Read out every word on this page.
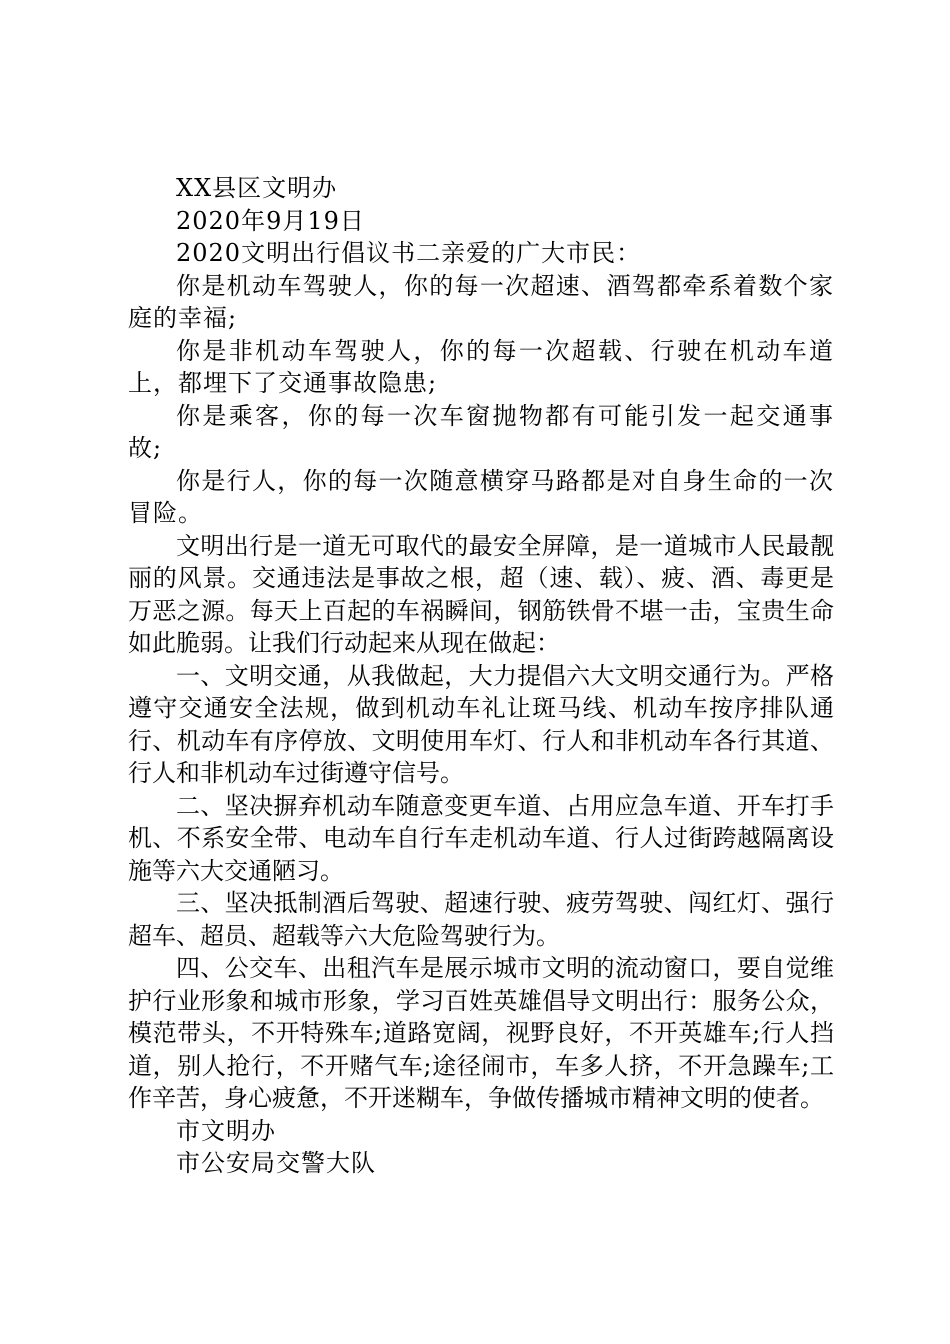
XX县区文明办

2020年9月19日

2020文明出行倡议书二亲爱的广大市民：

你是机动车驾驶人，你的每一次超速、酒驾都牵系着数个家庭的幸福;

你是非机动车驾驶人，你的每一次超载、行驶在机动车道上，都埋下了交通事故隐患;

你是乘客，你的每一次车窗抛物都有可能引发一起交通事故;

你是行人，你的每一次随意横穿马路都是对自身生命的一次冒险。

文明出行是一道无可取代的最安全屏障，是一道城市人民最靓丽的风景。交通违法是事故之根，超（速、载）、疲、酒、毒更是万恶之源。每天上百起的车祸瞬间，钢筋铁骨不堪一击，宝贵生命如此脆弱。让我们行动起来从现在做起：

一、文明交通，从我做起，大力提倡六大文明交通行为。严格遵守交通安全法规，做到机动车礼让斑马线、机动车按序排队通行、机动车有序停放、文明使用车灯、行人和非机动车各行其道、行人和非机动车过街遵守信号。

二、坚决摒弃机动车随意变更车道、占用应急车道、开车打手机、不系安全带、电动车自行车走机动车道、行人过街跨越隔离设施等六大交通陋习。

三、坚决抵制酒后驾驶、超速行驶、疲劳驾驶、闯红灯、强行超车、超员、超载等六大危险驾驶行为。

四、公交车、出租汽车是展示城市文明的流动窗口，要自觉维护行业形象和城市形象，学习百姓英雄倡导文明出行：服务公众，模范带头，不开特殊车;道路宽阔，视野良好，不开英雄车;行人挡道，别人抢行，不开赌气车;途径闹市，车多人挤，不开急躁车;工作辛苦，身心疲惫，不开迷糊车，争做传播城市精神文明的使者。

市文明办

市公安局交警大队
